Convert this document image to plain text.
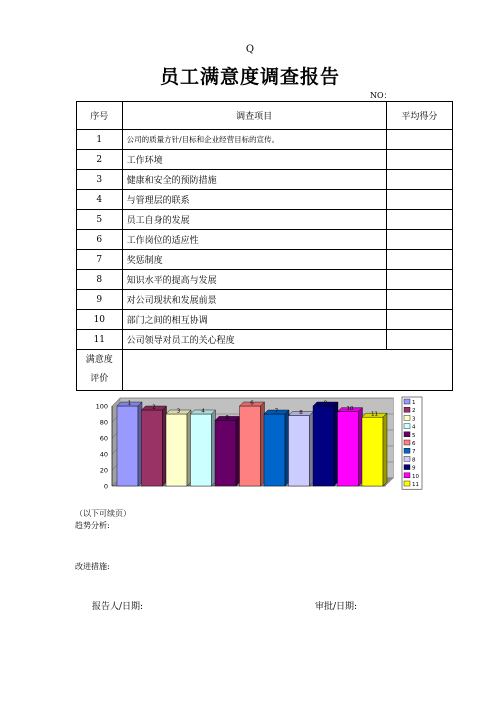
Q
员工满意度调查报告
NO：
序号	调查项目	平均得分
1	公司的质量方针/目标和企业经营目标的宣传。	
2	工作环境	
3	健康和安全的预防措施	
4	与管理层的联系	
5	员工自身的发展	
6	工作岗位的适应性	
7	奖惩制度	
8	知识水平的提高与发展	
9	对公司现状和发展前景	
10	部门之间的相互协调	
11	公司领导对员工的关心程度	
满意度
评价		
0
20
40
60
80
100	1
2
3	4
5
6
7	8
9
10
11
1
2
3
4
5
6
7
8
9
10
11
（以下可续页）
趋势分析:
改进措施:
报告人/日期:	审批/日期:
